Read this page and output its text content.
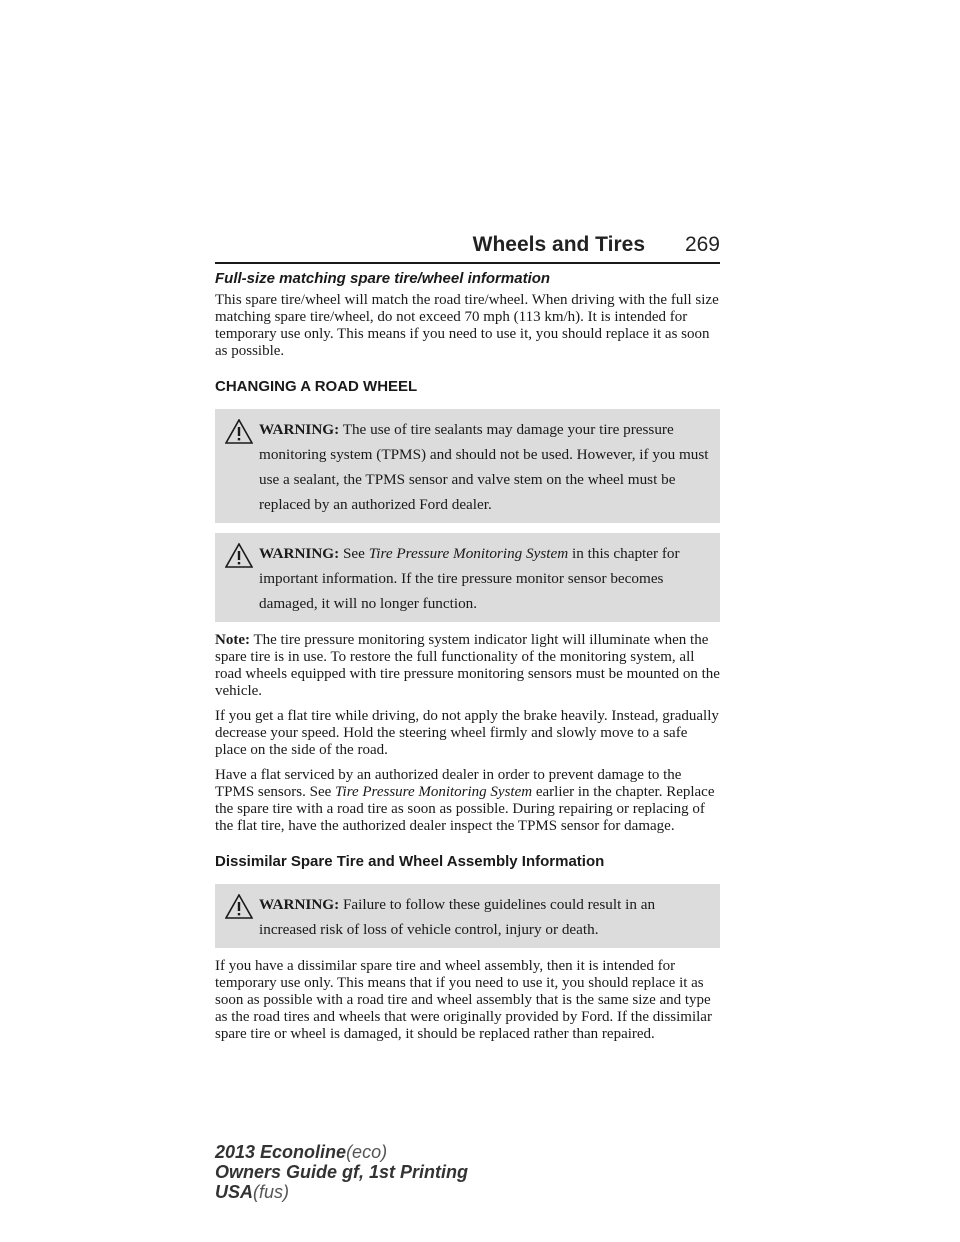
Wheels and Tires 269
Full-size matching spare tire/wheel information

This spare tire/wheel will match the road tire/wheel. When driving with the full size matching spare tire/wheel, do not exceed 70 mph (113 km/h). It is intended for temporary use only. This means if you need to use it, you should replace it as soon as possible.

CHANGING A ROAD WHEEL
WARNING: The use of tire sealants may damage your tire pressure monitoring system (TPMS) and should not be used. However, if you must use a sealant, the TPMS sensor and valve stem on the wheel must be replaced by an authorized Ford dealer.
WARNING: See Tire Pressure Monitoring System in this chapter for important information. If the tire pressure monitor sensor becomes damaged, it will no longer function.

Note: The tire pressure monitoring system indicator light will illuminate when the spare tire is in use. To restore the full functionality of the monitoring system, all road wheels equipped with tire pressure monitoring sensors must be mounted on the vehicle.

If you get a flat tire while driving, do not apply the brake heavily. Instead, gradually decrease your speed. Hold the steering wheel firmly and slowly move to a safe place on the side of the road.

Have a flat serviced by an authorized dealer in order to prevent damage to the TPMS sensors. See Tire Pressure Monitoring System earlier in the chapter. Replace the spare tire with a road tire as soon as possible. During repairing or replacing of the flat tire, have the authorized dealer inspect the TPMS sensor for damage.

Dissimilar Spare Tire and Wheel Assembly Information
WARNING: Failure to follow these guidelines could result in an increased risk of loss of vehicle control, injury or death.

If you have a dissimilar spare tire and wheel assembly, then it is intended for temporary use only. This means that if you need to use it, you should replace it as soon as possible with a road tire and wheel assembly that is the same size and type as the road tires and wheels that were originally provided by Ford. If the dissimilar spare tire or wheel is damaged, it should be replaced rather than repaired.

2013 Econoline(eco)
Owners Guide gf, 1st Printing
USA(fus)
